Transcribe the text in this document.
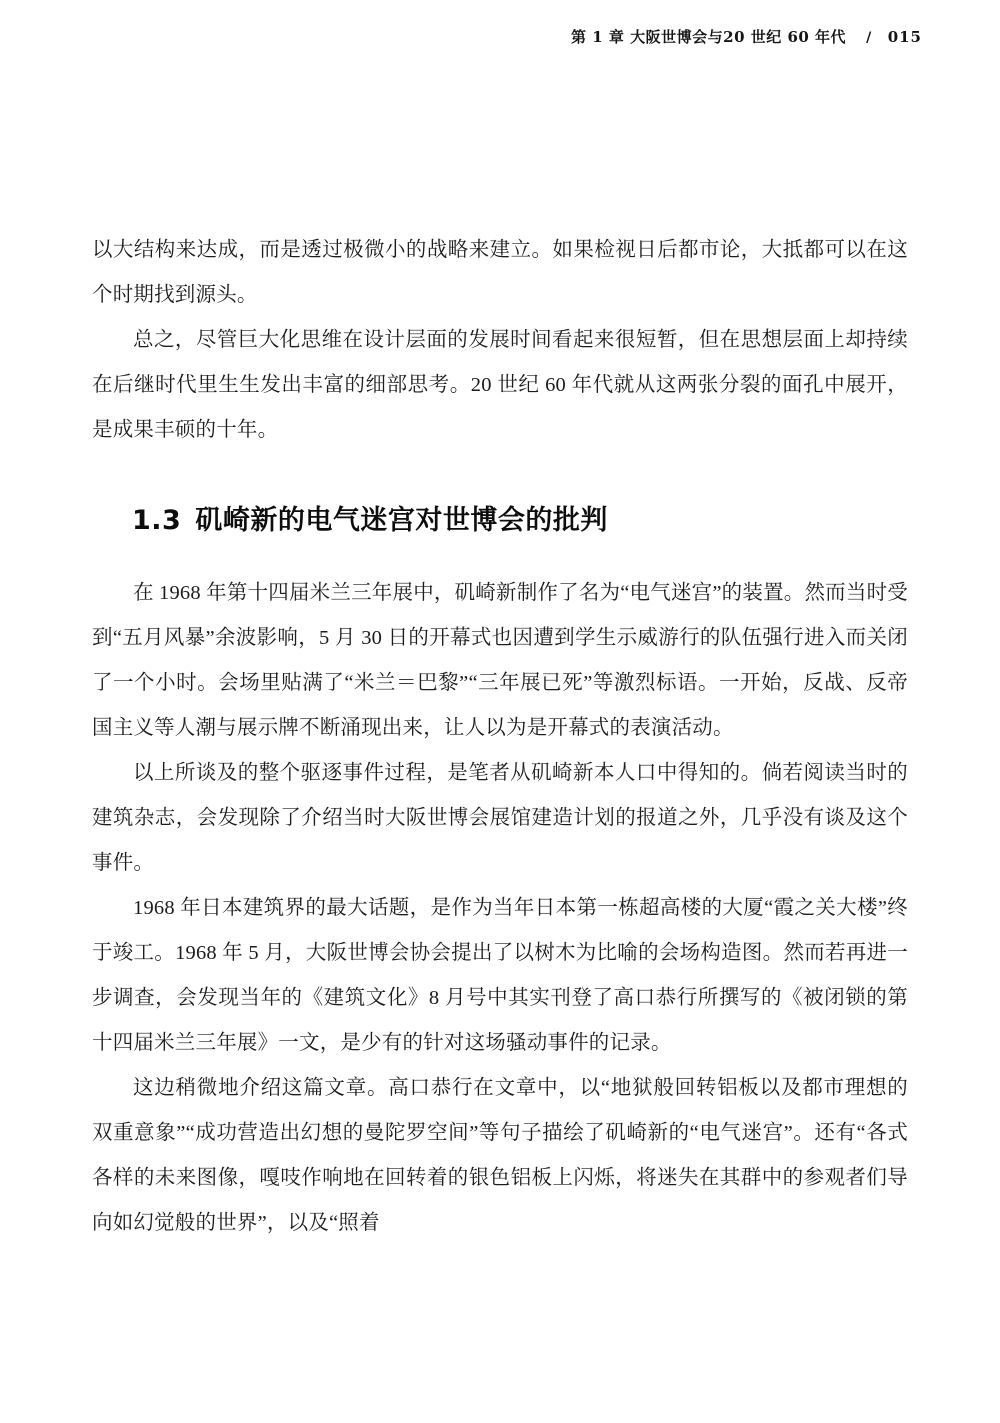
第 1 章 大阪世博会与20 世纪 60 年代 / 015

以大结构来达成，而是透过极微小的战略来建立。如果检视日后都市论，大抵都可以在这个时期找到源头。

总之，尽管巨大化思维在设计层面的发展时间看起来很短暂，但在思想层面上却持续在后继时代里生生发出丰富的细部思考。20 世纪 60 年代就从这两张分裂的面孔中展开，是成果丰硕的十年。

1.3 矶崎新的电气迷宫对世博会的批判

在 1968 年第十四届米兰三年展中，矶崎新制作了名为“电气迷宫”的装置。然而当时受到“五月风暴”余波影响，5 月 30 日的开幕式也因遭到学生示威游行的队伍强行进入而关闭了一个小时。会场里贴满了“米兰＝巴黎”“三年展已死”等激烈标语。一开始，反战、反帝国主义等人潮与展示牌不断涌现出来，让人以为是开幕式的表演活动。

以上所谈及的整个驱逐事件过程，是笔者从矶崎新本人口中得知的。倘若阅读当时的建筑杂志，会发现除了介绍当时大阪世博会展馆建造计划的报道之外，几乎没有谈及这个事件。

1968 年日本建筑界的最大话题，是作为当年日本第一栋超高楼的大厦“霞之关大楼”终于竣工。1968 年 5 月，大阪世博会协会提出了以树木为比喻的会场构造图。然而若再进一步调查，会发现当年的《建筑文化》8 月号中其实刊登了高口恭行所撰写的《被闭锁的第十四届米兰三年展》一文，是少有的针对这场骚动事件的记录。

这边稍微地介绍这篇文章。高口恭行在文章中，以“地狱般回转铝板以及都市理想的双重意象”“成功营造出幻想的曼陀罗空间”等句子描绘了矶崎新的“电气迷宫”。还有“各式各样的未来图像，嘎吱作响地在回转着的银色铝板上闪烁，将迷失在其群中的参观者们导向如幻觉般的世界”，以及“照着
